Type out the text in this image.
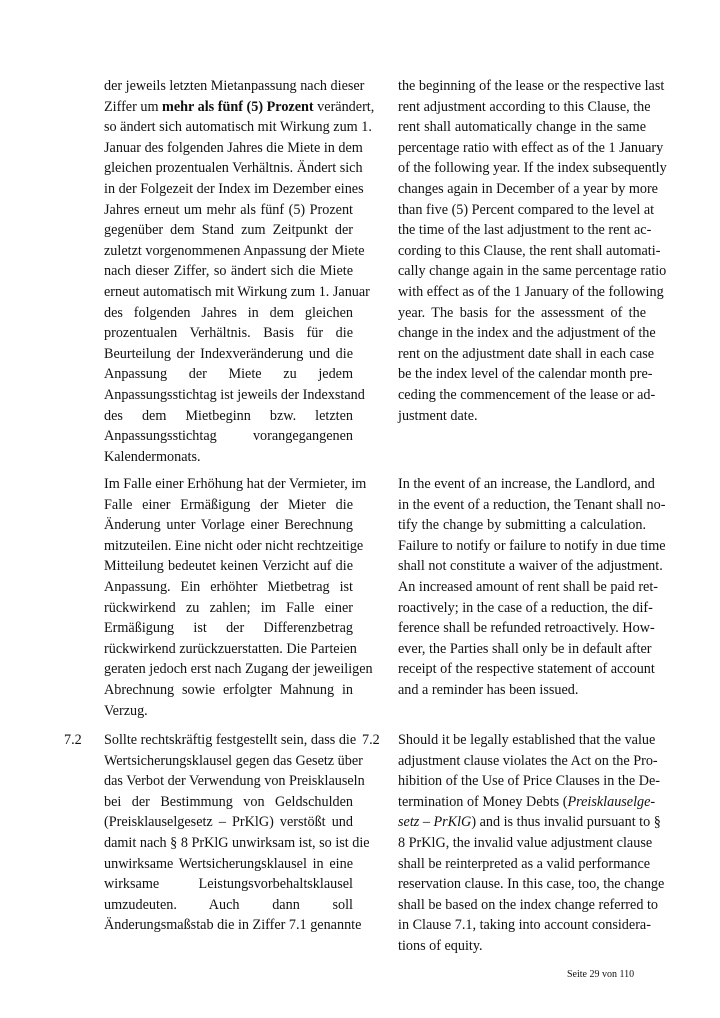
der jeweils letzten Mietanpassung nach dieser
Ziffer um mehr als fünf (5) Prozent verändert,
so ändert sich automatisch mit Wirkung zum 1.
Januar des folgenden Jahres die Miete in dem
gleichen prozentualen Verhältnis. Ändert sich
in der Folgezeit der Index im Dezember eines
Jahres erneut um mehr als fünf (5) Prozent
gegenüber dem Stand zum Zeitpunkt der
zuletzt vorgenommenen Anpassung der Miete
nach dieser Ziffer, so ändert sich die Miete
erneut automatisch mit Wirkung zum 1. Januar
des folgenden Jahres in dem gleichen
prozentualen Verhältnis. Basis für die
Beurteilung der Indexveränderung und die
Anpassung der Miete zu jedem
Anpassungsstichtag ist jeweils der Indexstand
des dem Mietbeginn bzw. letzten
Anpassungsstichtag vorangegangenen
Kalendermonats.
the beginning of the lease or the respective last
rent adjustment according to this Clause, the
rent shall automatically change in the same
percentage ratio with effect as of the 1 January
of the following year. If the index subsequently
changes again in December of a year by more
than five (5) Percent compared to the level at
the time of the last adjustment to the rent ac-
cording to this Clause, the rent shall automati-
cally change again in the same percentage ratio
with effect as of the 1 January of the following
year. The basis for the assessment of the
change in the index and the adjustment of the
rent on the adjustment date shall in each case
be the index level of the calendar month pre-
ceding the commencement of the lease or ad-
justment date.
Im Falle einer Erhöhung hat der Vermieter, im
Falle einer Ermäßigung der Mieter die
Änderung unter Vorlage einer Berechnung
mitzuteilen. Eine nicht oder nicht rechtzeitige
Mitteilung bedeutet keinen Verzicht auf die
Anpassung. Ein erhöhter Mietbetrag ist
rückwirkend zu zahlen; im Falle einer
Ermäßigung ist der Differenzbetrag
rückwirkend zurückzuerstatten. Die Parteien
geraten jedoch erst nach Zugang der jeweiligen
Abrechnung sowie erfolgter Mahnung in
Verzug.
In the event of an increase, the Landlord, and
in the event of a reduction, the Tenant shall no-
tify the change by submitting a calculation.
Failure to notify or failure to notify in due time
shall not constitute a waiver of the adjustment.
An increased amount of rent shall be paid ret-
roactively; in the case of a reduction, the dif-
ference shall be refunded retroactively. How-
ever, the Parties shall only be in default after
receipt of the respective statement of account
and a reminder has been issued.
7.2	7.2
Sollte rechtskräftig festgestellt sein, dass die
Wertsicherungsklausel gegen das Gesetz über
das Verbot der Verwendung von Preisklauseln
bei der Bestimmung von Geldschulden
(Preisklauselgesetz – PrKlG) verstößt und
damit nach § 8 PrKlG unwirksam ist, so ist die
unwirksame Wertsicherungsklausel in eine
wirksame Leistungsvorbehaltsklausel
umzudeuten. Auch dann soll
Änderungsmaßstab die in Ziffer 7.1 genannte
Should it be legally established that the value
adjustment clause violates the Act on the Pro-
hibition of the Use of Price Clauses in the De-
termination of Money Debts (Preisklauselge-
setz – PrKlG) and is thus invalid pursuant to §
8 PrKlG, the invalid value adjustment clause
shall be reinterpreted as a valid performance
reservation clause. In this case, too, the change
shall be based on the index change referred to
in Clause 7.1, taking into account considera-
tions of equity.
Seite 29 von 110
